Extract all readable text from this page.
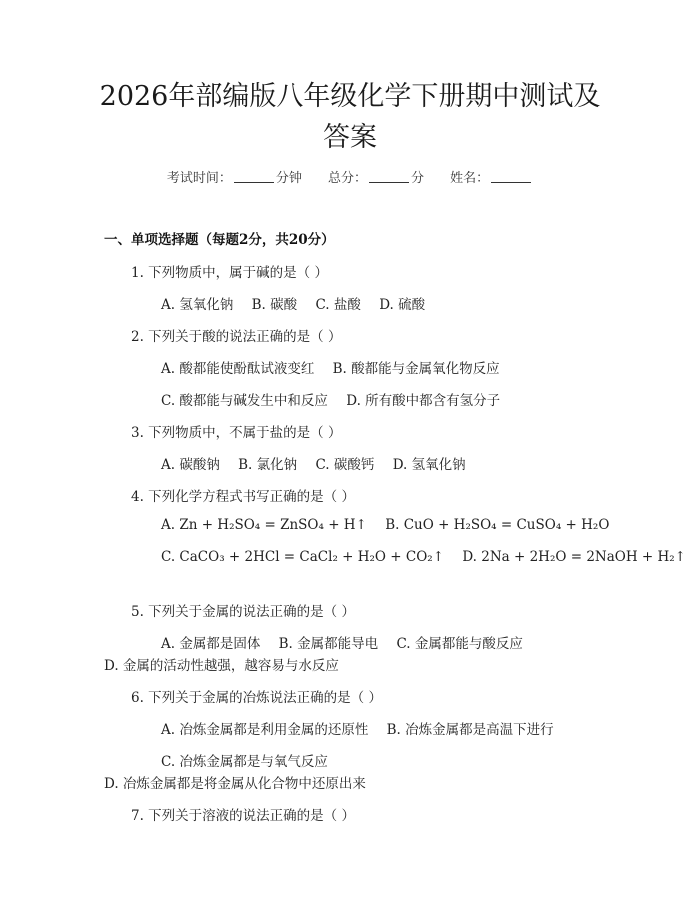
2026年部编版八年级化学下册期中测试及答案
考试时间：	分钟 总分：	分 姓名：
一、单项选择题（每题2分，共20分）
1. 下列物质中，属于碱的是（ ）
A. 氢氧化钠 B. 碳酸 C. 盐酸 D. 硫酸
2. 下列关于酸的说法正确的是（ ）
A. 酸都能使酚酞试液变红 B. 酸都能与金属氧化物反应
C. 酸都能与碱发生中和反应 D. 所有酸中都含有氢分子
3. 下列物质中，不属于盐的是（ ）
A. 碳酸钠 B. 氯化钠 C. 碳酸钙 D. 氢氧化钠
4. 下列化学方程式书写正确的是（ ）
A. Zn + H₂SO₄ = ZnSO₄ + H↑ B. CuO + H₂SO₄ = CuSO₄ + H₂O
C. CaCO₃ + 2HCl = CaCl₂ + H₂O + CO₂↑ D. 2Na + 2H₂O = 2NaOH + H₂↑
5. 下列关于金属的说法正确的是（ ）
A. 金属都是固体 B. 金属都能导电 C. 金属都能与酸反应
D. 金属的活动性越强，越容易与水反应
6. 下列关于金属的冶炼说法正确的是（ ）
A. 冶炼金属都是利用金属的还原性 B. 冶炼金属都是高温下进行
C. 冶炼金属都是与氧气反应
D. 冶炼金属都是将金属从化合物中还原出来
7. 下列关于溶液的说法正确的是（ ）
